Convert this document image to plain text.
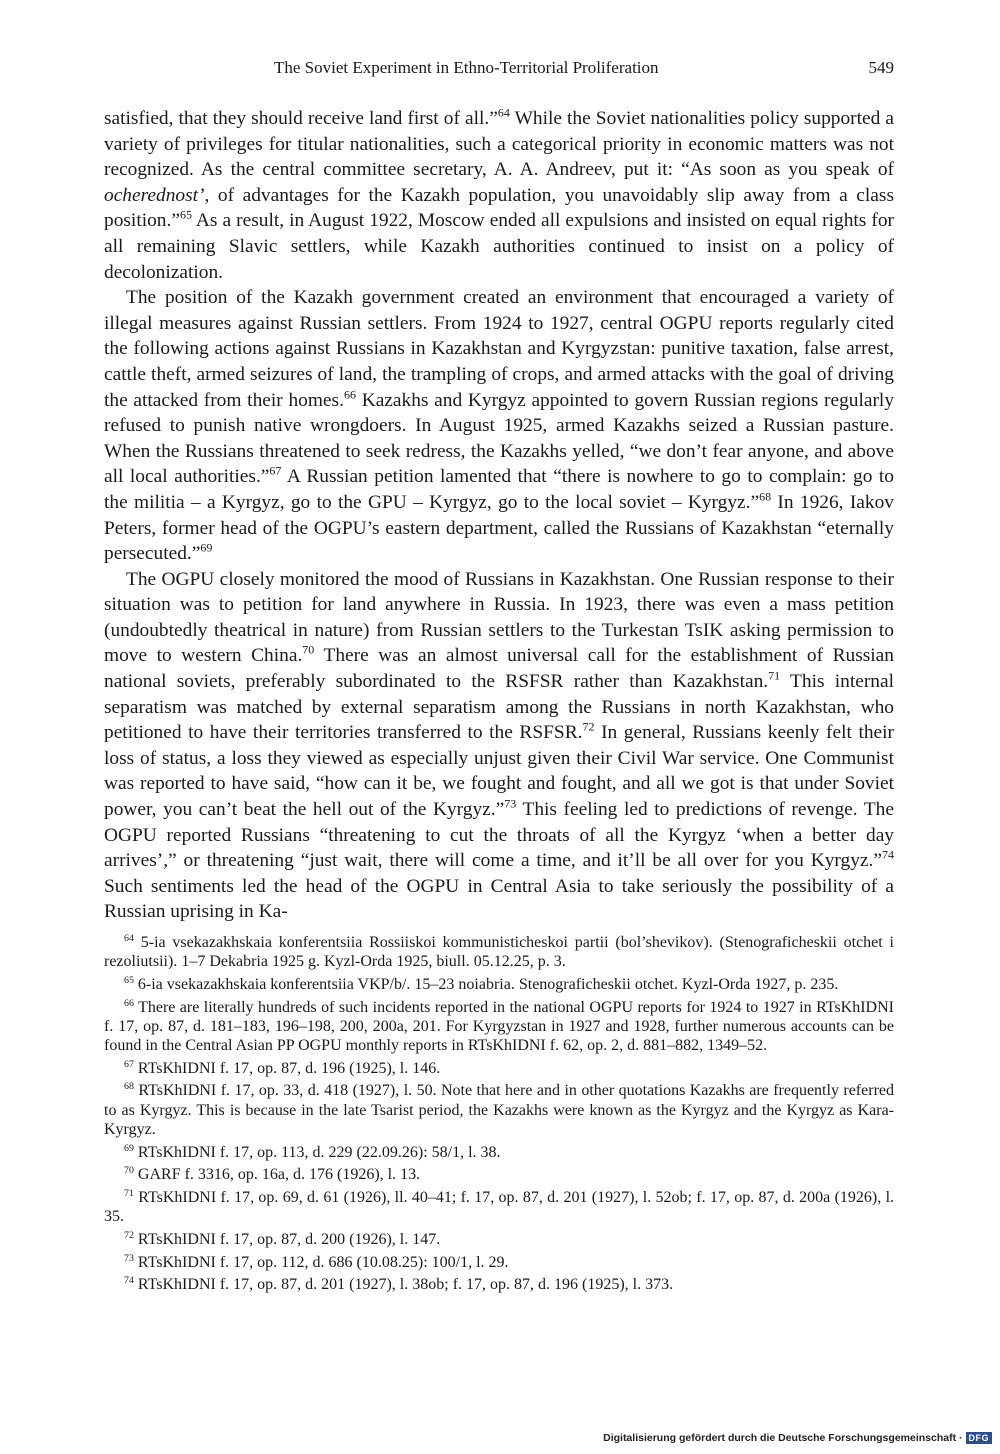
The Soviet Experiment in Ethno-Territorial Proliferation	549

satisfied, that they should receive land first of all.”$^{64}$ While the Soviet nationalities policy supported a variety of privileges for titular nationalities, such a categorical priority in economic matters was not recognized. As the central committee secretary, A. A. Andreev, put it: “As soon as you speak of ocherednost’, of advantages for the Kazakh population, you unavoidably slip away from a class position.”$^{65}$ As a result, in August 1922, Moscow ended all expulsions and insisted on equal rights for all remaining Slavic settlers, while Kazakh authorities continued to insist on a policy of decolonization.

The position of the Kazakh government created an environment that encouraged a variety of illegal measures against Russian settlers. From 1924 to 1927, central OGPU reports regularly cited the following actions against Russians in Kazakhstan and Kyrgyzstan: punitive taxation, false arrest, cattle theft, armed seizures of land, the trampling of crops, and armed attacks with the goal of driving the attacked from their homes.$^{66}$ Kazakhs and Kyrgyz appointed to govern Russian regions regularly refused to punish native wrongdoers. In August 1925, armed Kazakhs seized a Russian pasture. When the Russians threatened to seek redress, the Kazakhs yelled, “we don’t fear anyone, and above all local authorities.”$^{67}$ A Russian petition lamented that “there is nowhere to go to complain: go to the militia – a Kyrgyz, go to the GPU – Kyrgyz, go to the local soviet – Kyrgyz.”$^{68}$ In 1926, Iakov Peters, former head of the OGPU’s eastern department, called the Russians of Kazakhstan “eternally persecuted.”$^{69}$

The OGPU closely monitored the mood of Russians in Kazakhstan. One Russian response to their situation was to petition for land anywhere in Russia. In 1923, there was even a mass petition (undoubtedly theatrical in nature) from Russian settlers to the Turkestan TsIK asking permission to move to western China.$^{70}$ There was an almost universal call for the establishment of Russian national soviets, preferably subordinated to the RSFSR rather than Kazakhstan.$^{71}$ This internal separatism was matched by external separatism among the Russians in north Kazakhstan, who petitioned to have their territories transferred to the RSFSR.$^{72}$ In general, Russians keenly felt their loss of status, a loss they viewed as especially unjust given their Civil War service. One Communist was reported to have said, “how can it be, we fought and fought, and all we got is that under Soviet power, you can’t beat the hell out of the Kyrgyz.”$^{73}$ This feeling led to predictions of revenge. The OGPU reported Russians “threatening to cut the throats of all the Kyrgyz ‘when a better day arrives’,” or threatening “just wait, there will come a time, and it’ll be all over for you Kyrgyz.”$^{74}$ Such sentiments led the head of the OGPU in Central Asia to take seriously the possibility of a Russian uprising in Ka-

$^{64}$ 5-ia vsekazakhskaia konferentsiia Rossiiskoi kommunisticheskoi partii (bol’shevikov). (Stenograficheskii otchet i rezoliutsii). 1–7 Dekabria 1925 g. Kyzl-Orda 1925, biull. 05.12.25, p. 3.

$^{65}$ 6-ia vsekazakhskaia konferentsiia VKP/b/. 15–23 noiabria. Stenograficheskii otchet. Kyzl-Orda 1927, p. 235.

$^{66}$ There are literally hundreds of such incidents reported in the national OGPU reports for 1924 to 1927 in RTsKhIDNI f. 17, op. 87, d. 181–183, 196–198, 200, 200a, 201. For Kyrgyzstan in 1927 and 1928, further numerous accounts can be found in the Central Asian PP OGPU monthly reports in RTsKhIDNI f. 62, op. 2, d. 881–882, 1349–52.

$^{67}$ RTsKhIDNI f. 17, op. 87, d. 196 (1925), l. 146.

$^{68}$ RTsKhIDNI f. 17, op. 33, d. 418 (1927), l. 50. Note that here and in other quotations Kazakhs are frequently referred to as Kyrgyz. This is because in the late Tsarist period, the Kazakhs were known as the Kyrgyz and the Kyrgyz as Kara-Kyrgyz.

$^{69}$ RTsKhIDNI f. 17, op. 113, d. 229 (22.09.26): 58/1, l. 38.

$^{70}$ GARF f. 3316, op. 16a, d. 176 (1926), l. 13.

$^{71}$ RTsKhIDNI f. 17, op. 69, d. 61 (1926), ll. 40–41; f. 17, op. 87, d. 201 (1927), l. 52ob; f. 17, op. 87, d. 200a (1926), l. 35.

$^{72}$ RTsKhIDNI f. 17, op. 87, d. 200 (1926), l. 147.

$^{73}$ RTsKhIDNI f. 17, op. 112, d. 686 (10.08.25): 100/1, l. 29.

$^{74}$ RTsKhIDNI f. 17, op. 87, d. 201 (1927), l. 38ob; f. 17, op. 87, d. 196 (1925), l. 373.

Digitalisierung gefördert durch die Deutsche Forschungsgemeinschaft · DFG
